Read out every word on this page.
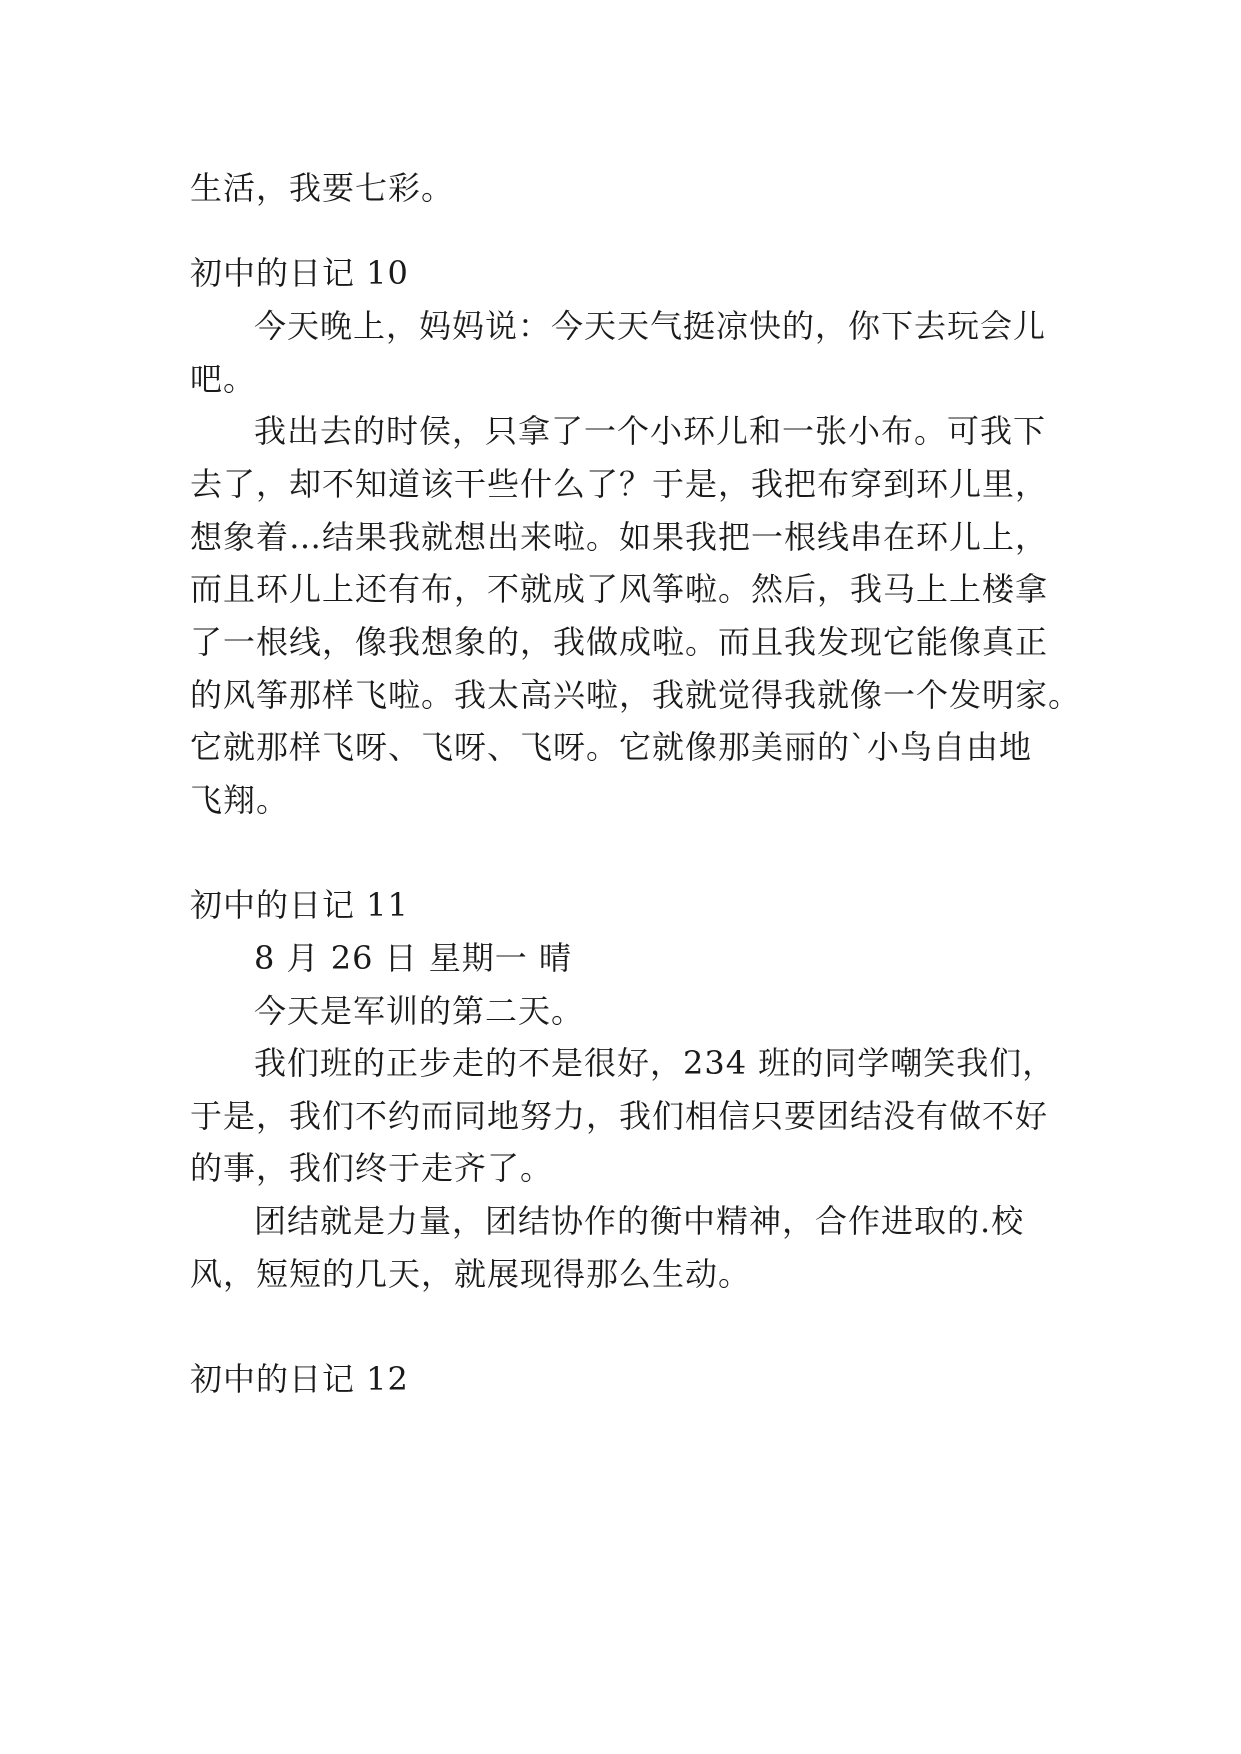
生活，我要七彩。
初中的日记 10
今天晚上，妈妈说：今天天气挺凉快的，你下去玩会儿
吧。
我出去的时侯，只拿了一个小环儿和一张小布。可我下
去了，却不知道该干些什么了？于是，我把布穿到环儿里，
想象着…结果我就想出来啦。如果我把一根线串在环儿上，
而且环儿上还有布，不就成了风筝啦。然后，我马上上楼拿
了一根线，像我想象的，我做成啦。而且我发现它能像真正
的风筝那样飞啦。我太高兴啦，我就觉得我就像一个发明家。
它就那样飞呀、飞呀、飞呀。它就像那美丽的`小鸟自由地
飞翔。
初中的日记 11
8 月 26 日 星期一 晴
今天是军训的第二天。
我们班的正步走的不是很好，234 班的同学嘲笑我们，
于是，我们不约而同地努力，我们相信只要团结没有做不好
的事，我们终于走齐了。
团结就是力量，团结协作的衡中精神，合作进取的.校
风，短短的几天，就展现得那么生动。
初中的日记 12
